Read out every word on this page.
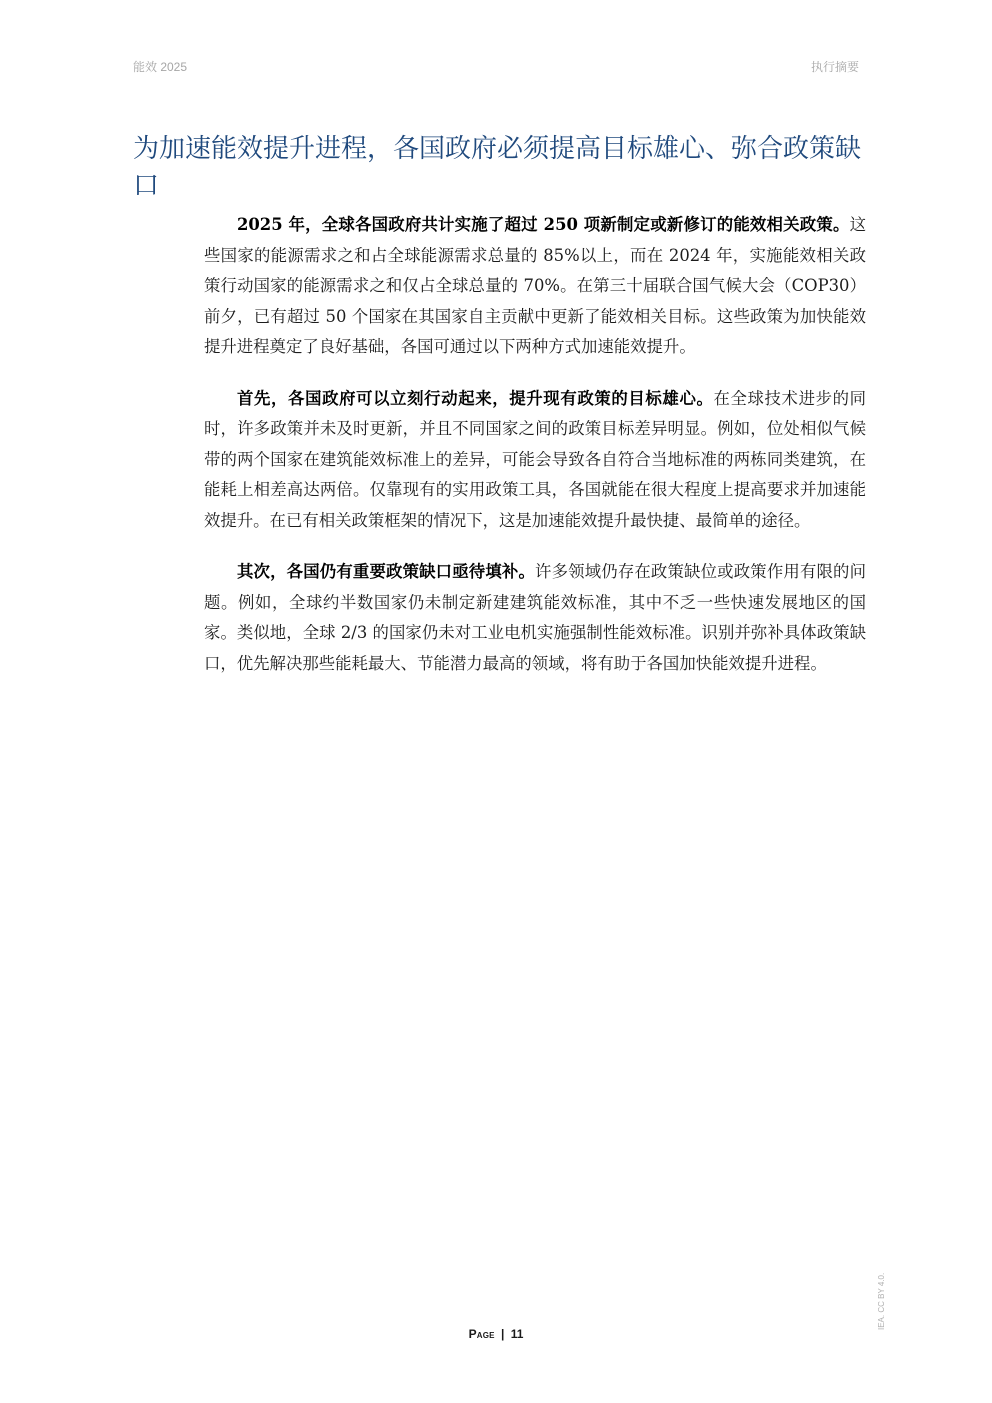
能效 2025	执行摘要
为加速能效提升进程，各国政府必须提高目标雄心、弥合政策缺口

2025 年，全球各国政府共计实施了超过 250 项新制定或新修订的能效相关政策。这些国家的能源需求之和占全球能源需求总量的 85%以上，而在 2024 年，实施能效相关政策行动国家的能源需求之和仅占全球总量的 70%。在第三十届联合国气候大会（COP30）前夕，已有超过 50 个国家在其国家自主贡献中更新了能效相关目标。这些政策为加快能效提升进程奠定了良好基础，各国可通过以下两种方式加速能效提升。

首先，各国政府可以立刻行动起来，提升现有政策的目标雄心。在全球技术进步的同时，许多政策并未及时更新，并且不同国家之间的政策目标差异明显。例如，位处相似气候带的两个国家在建筑能效标准上的差异，可能会导致各自符合当地标准的两栋同类建筑，在能耗上相差高达两倍。仅靠现有的实用政策工具，各国就能在很大程度上提高要求并加速能效提升。在已有相关政策框架的情况下，这是加速能效提升最快捷、最简单的途径。

其次，各国仍有重要政策缺口亟待填补。许多领域仍存在政策缺位或政策作用有限的问题。例如，全球约半数国家仍未制定新建建筑能效标准，其中不乏一些快速发展地区的国家。类似地，全球 2/3 的国家仍未对工业电机实施强制性能效标准。识别并弥补具体政策缺口，优先解决那些能耗最大、节能潜力最高的领域，将有助于各国加快能效提升进程。

Page | 11
IEA. CC BY 4.0.
